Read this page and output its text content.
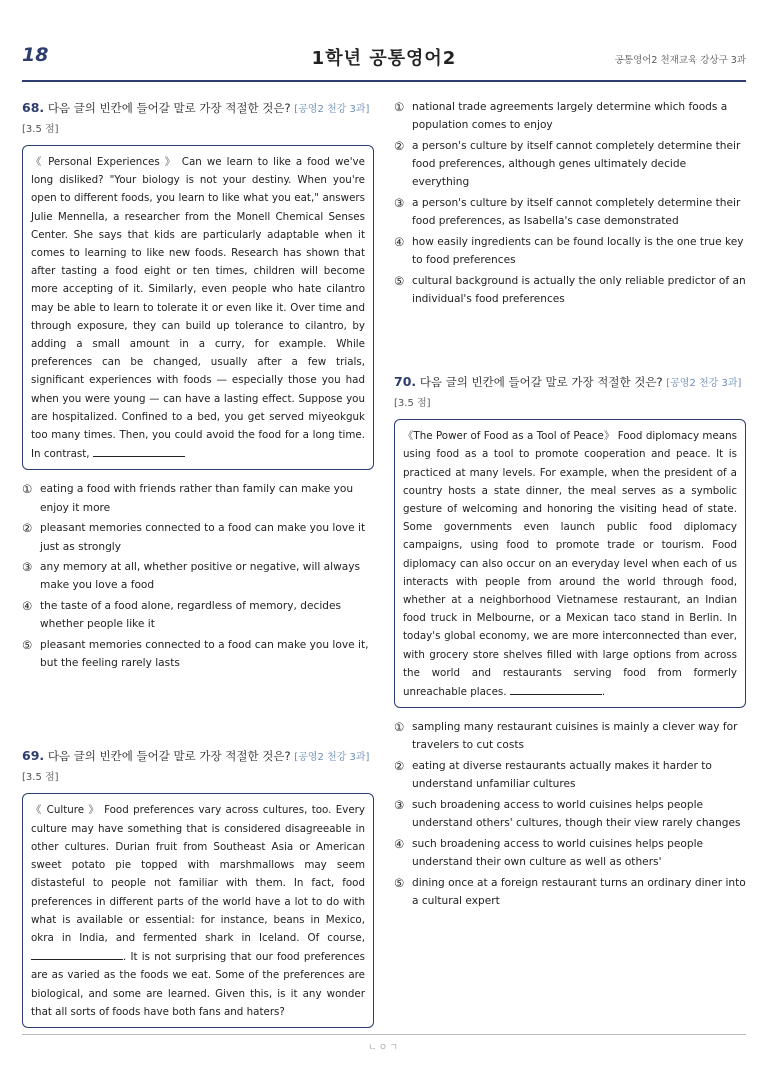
18	1학년 공통영어2	공통영어2 천재교육 강상구 3과
68. 다음 글의 빈칸에 들어갈 말로 가장 적절한 것은? [공영2 천강 3과] [3.5 점]
《 Personal Experiences 》 Can we learn to like a food we've long disliked? "Your biology is not your destiny. When you're open to different foods, you learn to like what you eat," answers Julie Mennella, a researcher from the Monell Chemical Senses Center. She says that kids are particularly adaptable when it comes to learning to like new foods. Research has shown that after tasting a food eight or ten times, children will become more accepting of it. Similarly, even people who hate cilantro may be able to learn to tolerate it or even like it. Over time and through exposure, they can build up tolerance to cilantro, by adding a small amount in a curry, for example. While preferences can be changed, usually after a few trials, significant experiences with foods — especially those you had when you were young — can have a lasting effect. Suppose you are hospitalized. Confined to a bed, you get served miyeokguk too many times. Then, you could avoid the food for a long time. In contrast,
① eating a food with friends rather than family can make you enjoy it more
② pleasant memories connected to a food can make you love it just as strongly
③ any memory at all, whether positive or negative, will always make you love a food
④ the taste of a food alone, regardless of memory, decides whether people like it
⑤ pleasant memories connected to a food can make you love it, but the feeling rarely lasts
69. 다음 글의 빈칸에 들어갈 말로 가장 적절한 것은? [공영2 천강 3과] [3.5 점]
《 Culture 》 Food preferences vary across cultures, too. Every culture may have something that is considered disagreeable in other cultures. Durian fruit from Southeast Asia or American sweet potato pie topped with marshmallows may seem distasteful to people not familiar with them. In fact, food preferences in different parts of the world have a lot to do with what is available or essential: for instance, beans in Mexico, okra in India, and fermented shark in Iceland. Of course, . It is not surprising that our food preferences are as varied as the foods we eat. Some of the preferences are biological, and some are learned. Given this, is it any wonder that all sorts of foods have both fans and haters?
① national trade agreements largely determine which foods a population comes to enjoy
② a person's culture by itself cannot completely determine their food preferences, although genes ultimately decide everything
③ a person's culture by itself cannot completely determine their food preferences, as Isabella's case demonstrated
④ how easily ingredients can be found locally is the one true key to food preferences
⑤ cultural background is actually the only reliable predictor of an individual's food preferences
70. 다음 글의 빈칸에 들어갈 말로 가장 적절한 것은? [공영2 천강 3과] [3.5 점]
《The Power of Food as a Tool of Peace》 Food diplomacy means using food as a tool to promote cooperation and peace. It is practiced at many levels. For example, when the president of a country hosts a state dinner, the meal serves as a symbolic gesture of welcoming and honoring the visiting head of state. Some governments even launch public food diplomacy campaigns, using food to promote trade or tourism. Food diplomacy can also occur on an everyday level when each of us interacts with people from around the world through food, whether at a neighborhood Vietnamese restaurant, an Indian food truck in Melbourne, or a Mexican taco stand in Berlin. In today's global economy, we are more interconnected than ever, with grocery store shelves filled with large options from across the world and restaurants serving food from formerly unreachable places.	.
① sampling many restaurant cuisines is mainly a clever way for travelers to cut costs
② eating at diverse restaurants actually makes it harder to understand unfamiliar cultures
③ such broadening access to world cuisines helps people understand others' cultures, though their view rarely changes
④ such broadening access to world cuisines helps people understand their own culture as well as others'
⑤ dining once at a foreign restaurant turns an ordinary diner into a cultural expert
ㄴㅇㄱ
